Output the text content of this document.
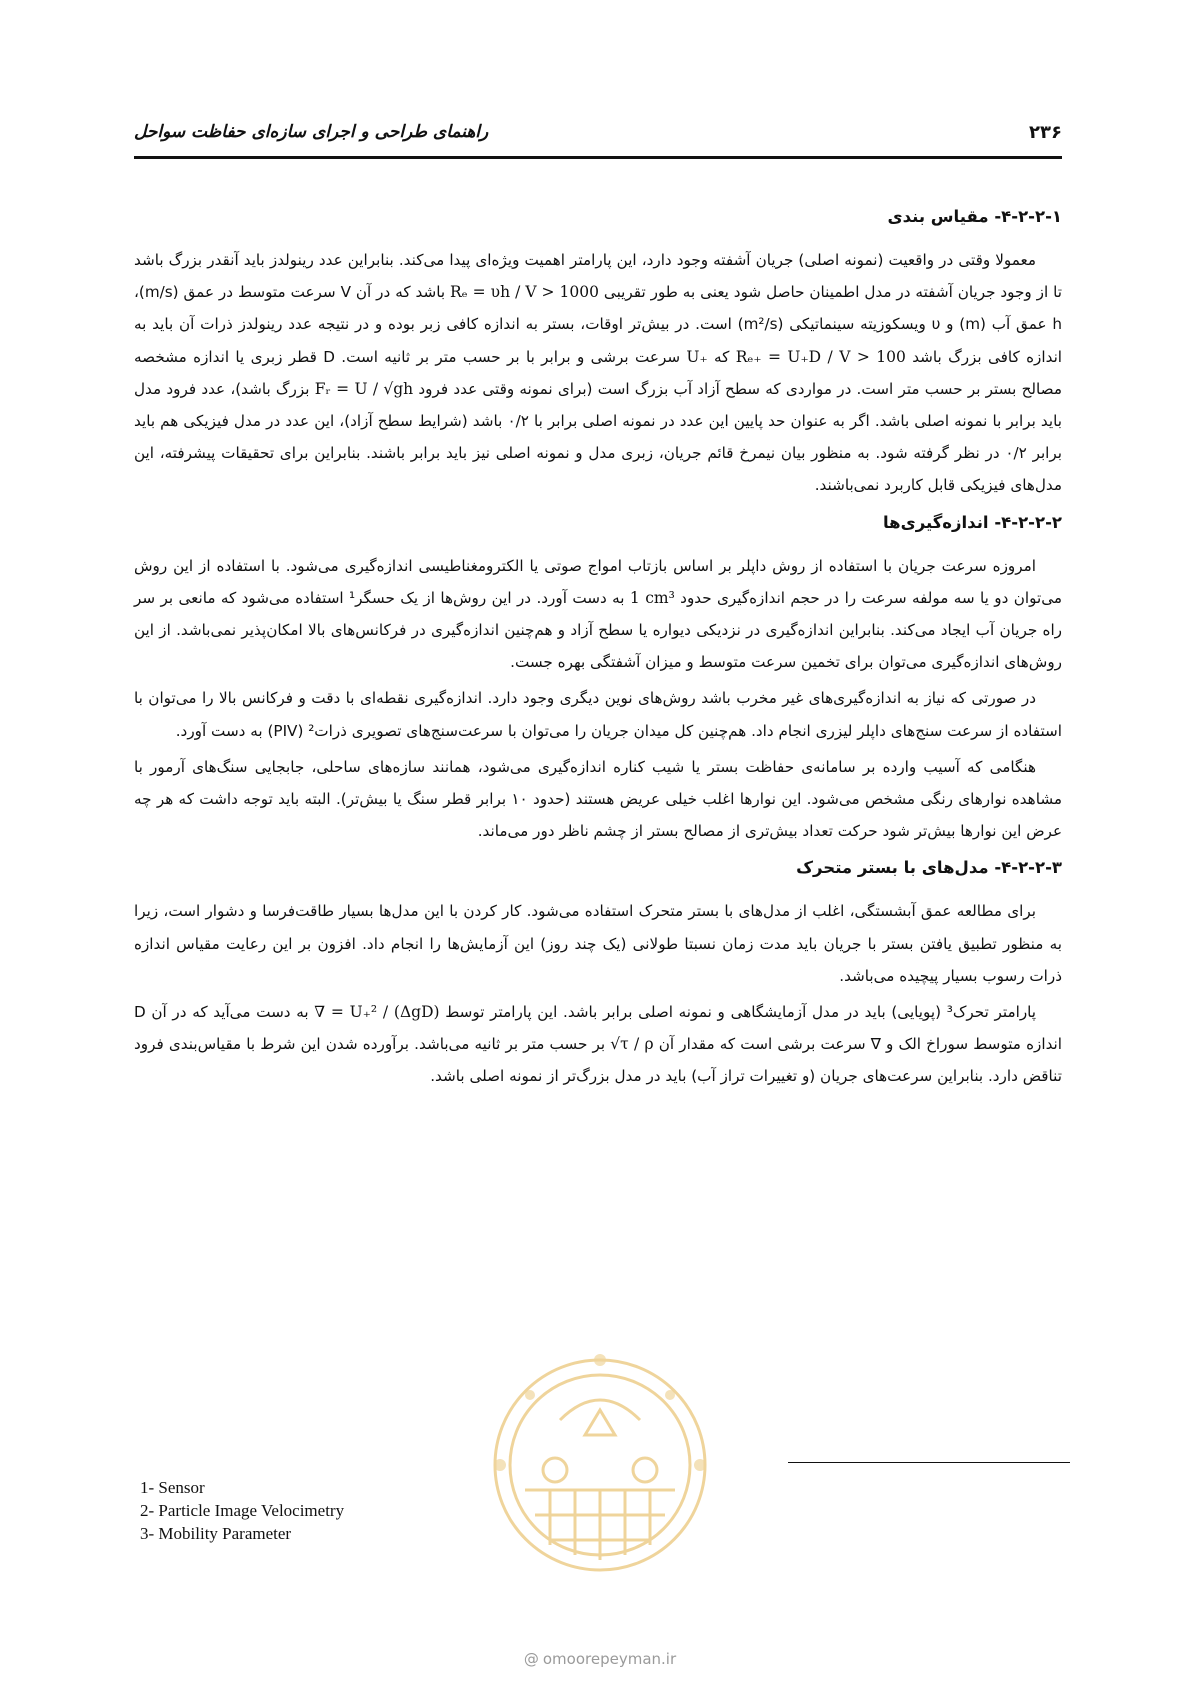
راهنمای طراحی و اجرای سازه‌ای حفاظت سواحل	۲۳۶
۴-۲-۲-۱- مقیاس بندی

معمولا وقتی در واقعیت (نمونه اصلی) جریان آشفته وجود دارد، این پارامتر اهمیت ویژه‌ای پیدا می‌کند. بنابراین عدد رینولدز باید آنقدر بزرگ باشد تا از وجود جریان آشفته در مدل اطمینان حاصل شود یعنی به طور تقریبی Rₑ = υh / V > 1000 باشد که در آن V سرعت متوسط در عمق (m/s)، h عمق آب (m) و υ ویسکوزیته سینماتیکی (m²/s) است. در بیش‌تر اوقات، بستر به اندازه کافی زبر بوده و در نتیجه عدد رینولدز ذرات آن باید به اندازه کافی بزرگ باشد Rₑ₊ = U₊D / V > 100 که U₊ سرعت برشی و برابر با بر حسب متر بر ثانیه است. D قطر زبری یا اندازه مشخصه مصالح بستر بر حسب متر است. در مواردی که سطح آزاد آب بزرگ است (برای نمونه وقتی عدد فرود Fᵣ = U / √gh بزرگ باشد)، عدد فرود مدل باید برابر با نمونه اصلی باشد. اگر به عنوان حد پایین این عدد در نمونه اصلی برابر با ۰/۲ باشد (شرایط سطح آزاد)، این عدد در مدل فیزیکی هم باید برابر ۰/۲ در نظر گرفته شود. به منظور بیان نیمرخ قائم جریان، زبری مدل و نمونه اصلی نیز باید برابر باشند. بنابراین برای تحقیقات پیشرفته، این مدل‌های فیزیکی قابل کاربرد نمی‌باشند.

۴-۲-۲-۲- اندازه‌گیری‌ها

امروزه سرعت جریان با استفاده از روش داپلر بر اساس بازتاب امواج صوتی یا الکترومغناطیسی اندازه‌گیری می‌شود. با استفاده از این روش می‌توان دو یا سه مولفه سرعت را در حجم اندازه‌گیری حدود 1 cm³ به دست آورد. در این روش‌ها از یک حسگر¹ استفاده می‌شود که مانعی بر سر راه جریان آب ایجاد می‌کند. بنابراین اندازه‌گیری در نزدیکی دیواره یا سطح آزاد و هم‌چنین اندازه‌گیری در فرکانس‌های بالا امکان‌پذیر نمی‌باشد. از این روش‌های اندازه‌گیری می‌توان برای تخمین سرعت متوسط و میزان آشفتگی بهره جست.

در صورتی که نیاز به اندازه‌گیری‌های غیر مخرب باشد روش‌های نوین دیگری وجود دارد. اندازه‌گیری نقطه‌ای با دقت و فرکانس بالا را می‌توان با استفاده از سرعت سنج‌های داپلر لیزری انجام داد. هم‌چنین کل میدان جریان را می‌توان با سرعت‌سنج‌های تصویری ذرات² (PIV) به دست آورد.

هنگامی که آسیب وارده بر سامانه‌ی حفاظت بستر یا شیب کناره اندازه‌گیری می‌شود، همانند سازه‌های ساحلی، جابجایی سنگ‌های آرمور با مشاهده نوارهای رنگی مشخص می‌شود. این نوارها اغلب خیلی عریض هستند (حدود ۱۰ برابر قطر سنگ یا بیش‌تر). البته باید توجه داشت که هر چه عرض این نوارها بیش‌تر شود حرکت تعداد بیش‌تری از مصالح بستر از چشم ناظر دور می‌ماند.

۴-۲-۲-۳- مدل‌های با بستر متحرک

برای مطالعه عمق آبشستگی، اغلب از مدل‌های با بستر متحرک استفاده می‌شود. کار کردن با این مدل‌ها بسیار طاقت‌فرسا و دشوار است، زیرا به منظور تطبیق یافتن بستر با جریان باید مدت زمان نسبتا طولانی (یک چند روز) این آزمایش‌ها را انجام داد. افزون بر این رعایت مقیاس اندازه ذرات رسوب بسیار پیچیده می‌باشد.

پارامتر تحرک³ (پویایی) باید در مدل آزمایشگاهی و نمونه اصلی برابر باشد. این پارامتر توسط ∇ = U₊² / (ΔgD) به دست می‌آید که در آن D اندازه متوسط سوراخ الک و ∇ سرعت برشی است که مقدار آن √τ / ρ بر حسب متر بر ثانیه می‌باشد. برآورده شدن این شرط با مقیاس‌بندی فرود تناقض دارد. بنابراین سرعت‌های جریان (و تغییرات تراز آب) باید در مدل بزرگ‌تر از نمونه اصلی باشد.

1- Sensor
2- Particle Image Velocimetry
3- Mobility Parameter
@ omoorepeyman.ir
